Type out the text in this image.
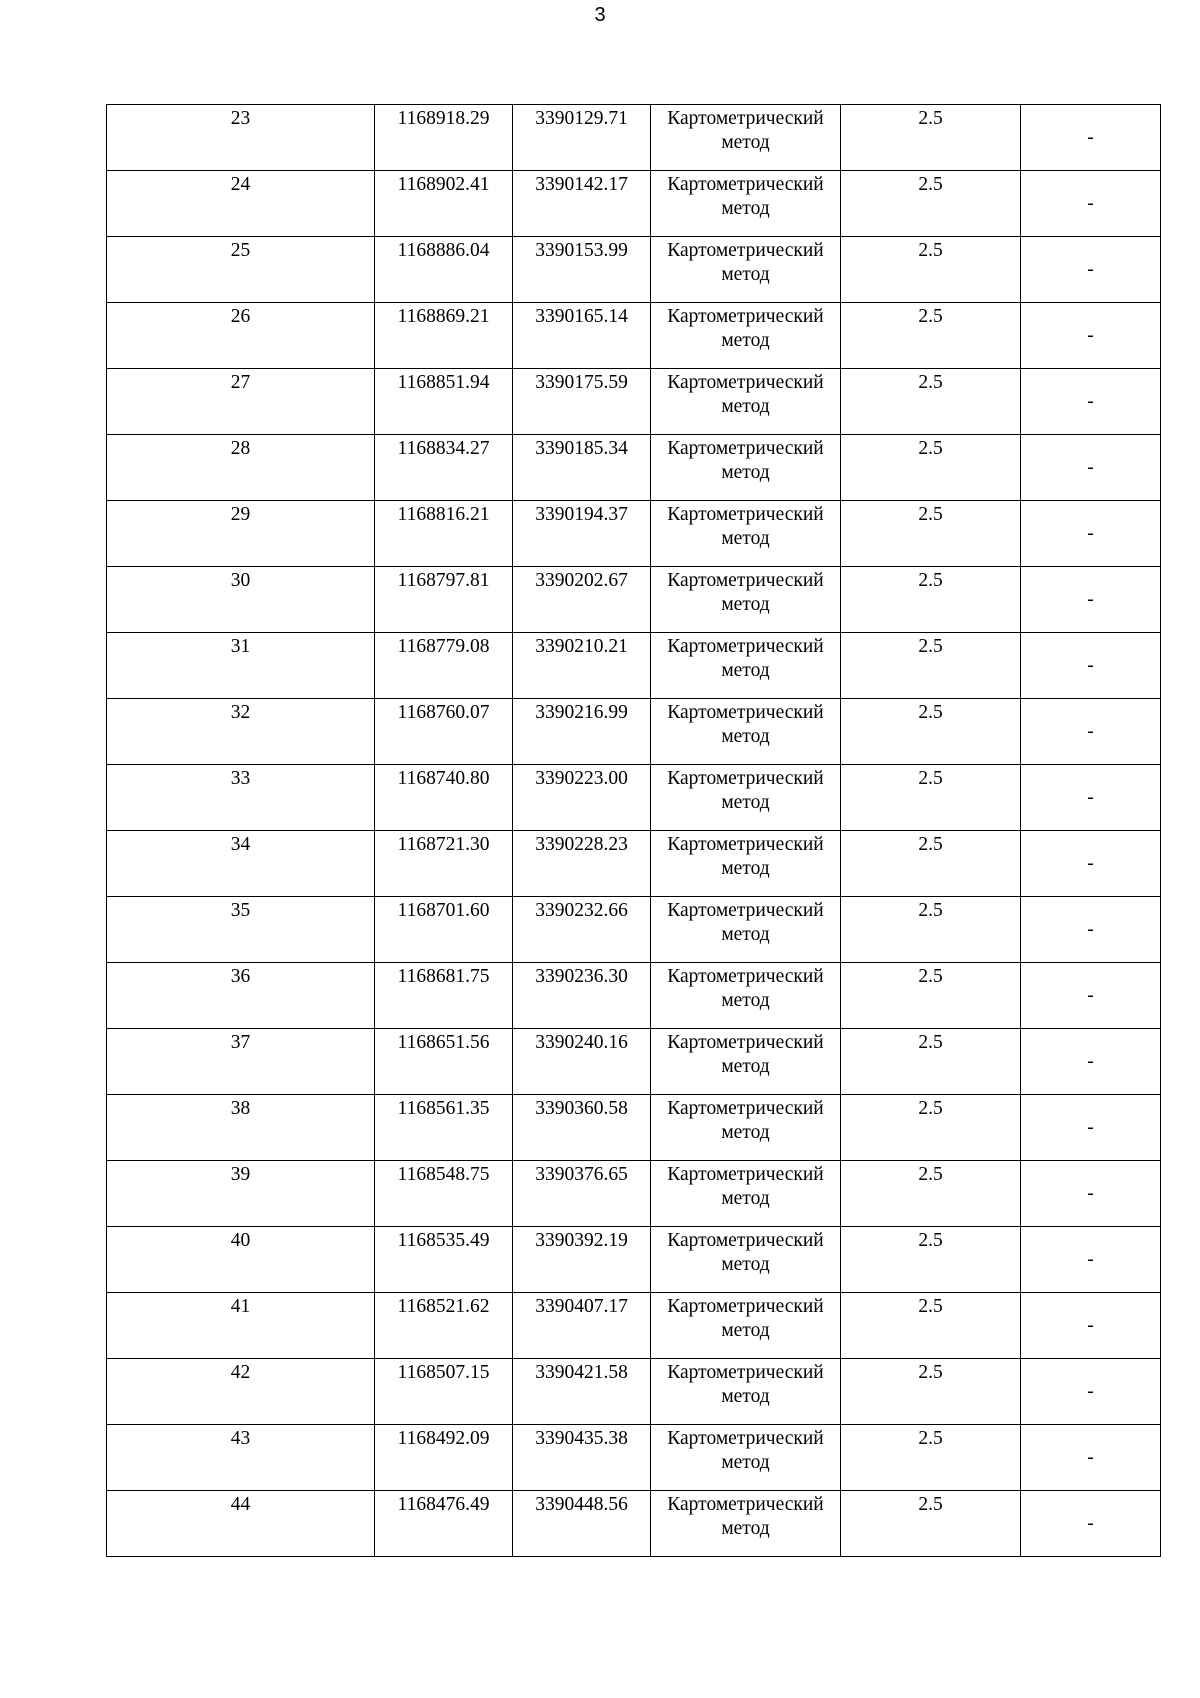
3
23	1168918.29	3390129.71	Картометрический
метод	2.5	-
24	1168902.41	3390142.17	Картометрический
метод	2.5	-
25	1168886.04	3390153.99	Картометрический
метод	2.5	-
26	1168869.21	3390165.14	Картометрический
метод	2.5	-
27	1168851.94	3390175.59	Картометрический
метод	2.5	-
28	1168834.27	3390185.34	Картометрический
метод	2.5	-
29	1168816.21	3390194.37	Картометрический
метод	2.5	-
30	1168797.81	3390202.67	Картометрический
метод	2.5	-
31	1168779.08	3390210.21	Картометрический
метод	2.5	-
32	1168760.07	3390216.99	Картометрический
метод	2.5	-
33	1168740.80	3390223.00	Картометрический
метод	2.5	-
34	1168721.30	3390228.23	Картометрический
метод	2.5	-
35	1168701.60	3390232.66	Картометрический
метод	2.5	-
36	1168681.75	3390236.30	Картометрический
метод	2.5	-
37	1168651.56	3390240.16	Картометрический
метод	2.5	-
38	1168561.35	3390360.58	Картометрический
метод	2.5	-
39	1168548.75	3390376.65	Картометрический
метод	2.5	-
40	1168535.49	3390392.19	Картометрический
метод	2.5	-
41	1168521.62	3390407.17	Картометрический
метод	2.5	-
42	1168507.15	3390421.58	Картометрический
метод	2.5	-
43	1168492.09	3390435.38	Картометрический
метод	2.5	-
44	1168476.49	3390448.56	Картометрический
метод	2.5	-
